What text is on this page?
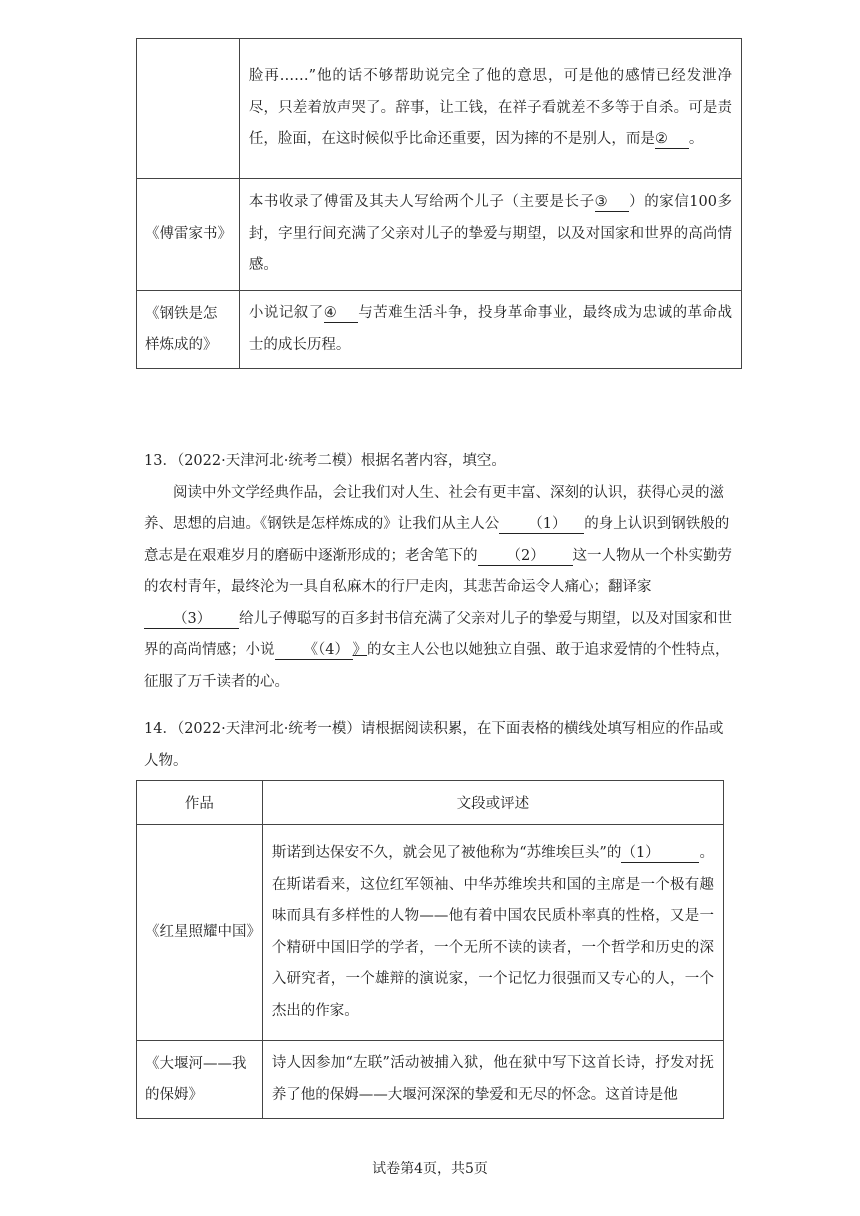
	脸再……”他的话不够帮助说完全了他的意思，可是他的感情已经发泄净尽，只差着放声哭了。辞事，让工钱，在祥子看就差不多等于自杀。可是责任，脸面，在这时候似乎比命还重要，因为摔的不是别人，而是② 。

《傅雷家书》	本书收录了傅雷及其夫人写给两个儿子（主要是长子③ ）的家信100多封，字里行间充满了父亲对儿子的挚爱与期望，以及对国家和世界的高尚情感。

《钢铁是怎样炼成的》	小说记叙了④ 与苦难生活斗争，投身革命事业，最终成为忠诚的革命战士的成长历程。

13．（2022·天津河北·统考二模）根据名著内容，填空。

阅读中外文学经典作品，会让我们对人生、社会有更丰富、深刻的认识，获得心灵的滋养、思想的启迪。《钢铁是怎样炼成的》让我们从主人公 （1） 的身上认识到钢铁般的意志是在艰难岁月的磨砺中逐渐形成的；老舍笔下的 （2） 这一人物从一个朴实勤劳的农村青年，最终沦为一具自私麻木的行尸走肉，其悲苦命运令人痛心；翻译家（3） 给儿子傅聪写的百多封书信充满了父亲对儿子的挚爱与期望，以及对国家和世界的高尚情感；小说 《（4） 》的女主人公也以她独立自强、敢于追求爱情的个性特点，征服了万千读者的心。

14．（2022·天津河北·统考一模）请根据阅读积累，在下面表格的横线处填写相应的作品或人物。
作品	文段或评述
《红星照耀中国》	斯诺到达保安不久，就会见了被他称为“苏维埃巨头”的（1） 。在斯诺看来，这位红军领袖、中华苏维埃共和国的主席是一个极有趣味而具有多样性的人物——他有着中国农民质朴率真的性格，又是一个精研中国旧学的学者，一个无所不读的读者，一个哲学和历史的深入研究者，一个雄辩的演说家，一个记忆力很强而又专心的人，一个杰出的作家。

《大堰河——我的保姆》	诗人因参加“左联”活动被捕入狱，他在狱中写下这首长诗，抒发对抚养了他的保姆——大堰河深深的挚爱和无尽的怀念。这首诗是他
试卷第4页，共5页
